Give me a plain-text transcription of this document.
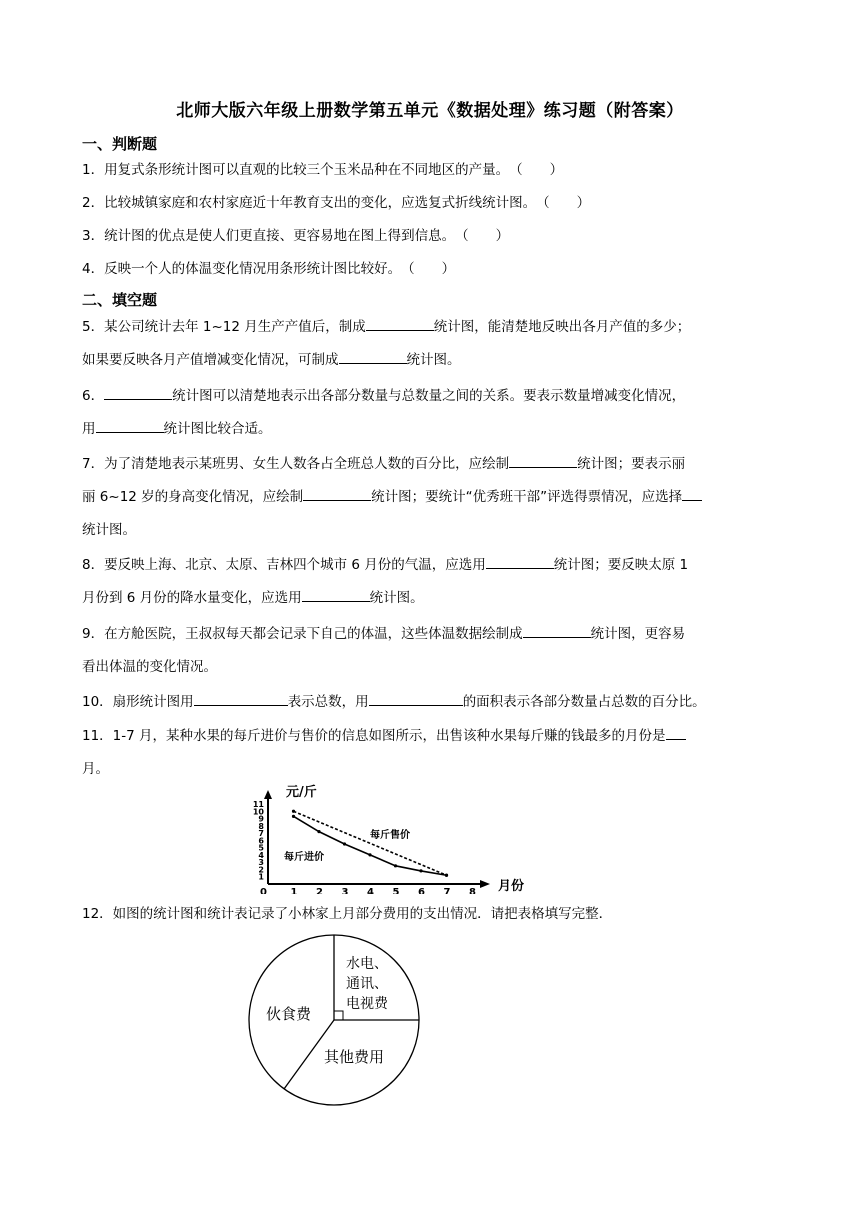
北师大版六年级上册数学第五单元《数据处理》练习题（附答案）
一、判断题
1．用复式条形统计图可以直观的比较三个玉米品种在不同地区的产量。（　　）
2．比较城镇家庭和农村家庭近十年教育支出的变化，应选复式折线统计图。（　　）
3．统计图的优点是使人们更直接、更容易地在图上得到信息。（　　）
4．反映一个人的体温变化情况用条形统计图比较好。（　　）
二、填空题
5．某公司统计去年 1~12 月生产产值后，制成	统计图，能清楚地反映出各月产值的多少；
如果要反映各月产值增减变化情况，可制成	统计图。
6．	统计图可以清楚地表示出各部分数量与总数量之间的关系。要表示数量增减变化情况，
用	统计图比较合适。
7．为了清楚地表示某班男、女生人数各占全班总人数的百分比，应绘制	统计图；要表示丽
丽 6~12 岁的身高变化情况，应绘制	统计图；要统计“优秀班干部”评选得票情况，应选择
统计图。
8．要反映上海、北京、太原、吉林四个城市 6 月份的气温，应选用	统计图；要反映太原 1
月份到 6 月份的降水量变化，应选用	统计图。
9．在方舱医院，王叔叔每天都会记录下自己的体温，这些体温数据绘制成	统计图，更容易
看出体温的变化情况。
10．扇形统计图用	表示总数，用	的面积表示各部分数量占总数的百分比。
11．1-7 月，某种水果的每斤进价与售价的信息如图所示，出售该种水果每斤赚的钱最多的月份是
月。
1
2
3
4
5
6
7
8
9
10
11
0 1 2 3 4 5 6 7 8
元/斤
月份
每斤售价
每斤进价
12．如图的统计图和统计表记录了小林家上月部分费用的支出情况．请把表格填写完整．
伙食费
水电、
通讯、
电视费
其他费用
